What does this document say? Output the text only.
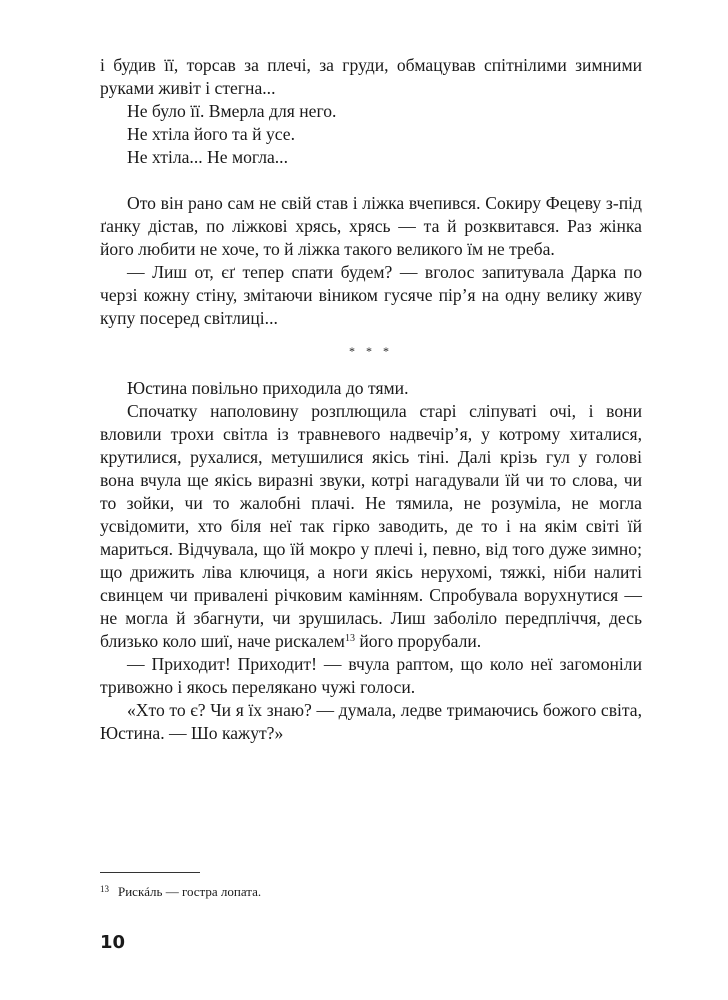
і будив її, торсав за плечі, за груди, обмацував спітнілими зимними руками живіт і стегна...

Не було її. Вмерла для него.

Не хтіла його та й усе.

Не хтіла... Не могла...

Ото він рано сам не свій став і ліжка вчепився. Сокиру Фецеву з-під ґанку дістав, по ліжкові хрясь, хрясь — та й розквитався. Раз жінка його любити не хоче, то й ліжка такого великого їм не треба.

— Лиш от, єґ тепер спати будем? — вголос запитувала Дарка по черзі кожну стіну, змітаючи віником гусяче пір’я на одну велику живу купу посеред світлиці...

* * *

Юстина повільно приходила до тями.

Спочатку наполовину розплющила старі сліпуваті очі, і вони вловили трохи світла із травневого надвечір’я, у котрому хиталися, крутилися, рухалися, метушилися якісь тіні. Далі крізь гул у голові вона вчула ще якісь виразні звуки, котрі нагадували їй чи то слова, чи то зойки, чи то жалобні плачі. Не тямила, не розуміла, не могла усвідомити, хто біля неї так гірко заводить, де то і на якім світі їй мариться. Відчувала, що їй мокро у плечі і, певно, від того дуже зимно; що дрижить ліва ключиця, а ноги якісь нерухомі, тяжкі, ніби налиті свинцем чи привалені річковим камінням. Спробувала ворухнутися — не могла й збагнути, чи зрушилась. Лиш заболіло передпліччя, десь близько коло шиї, наче рискалем$^{13}$ його прорубали.

— Приходит! Приходит! — вчула раптом, що коло неї загомоніли тривожно і якось перелякано чужі голоси.

«Хто то є? Чи я їх знаю? — думала, ледве тримаючись божого світа, Юстина. — Шо кажут?»

$^{13}$ Рискáль — гостра лопата.
10
